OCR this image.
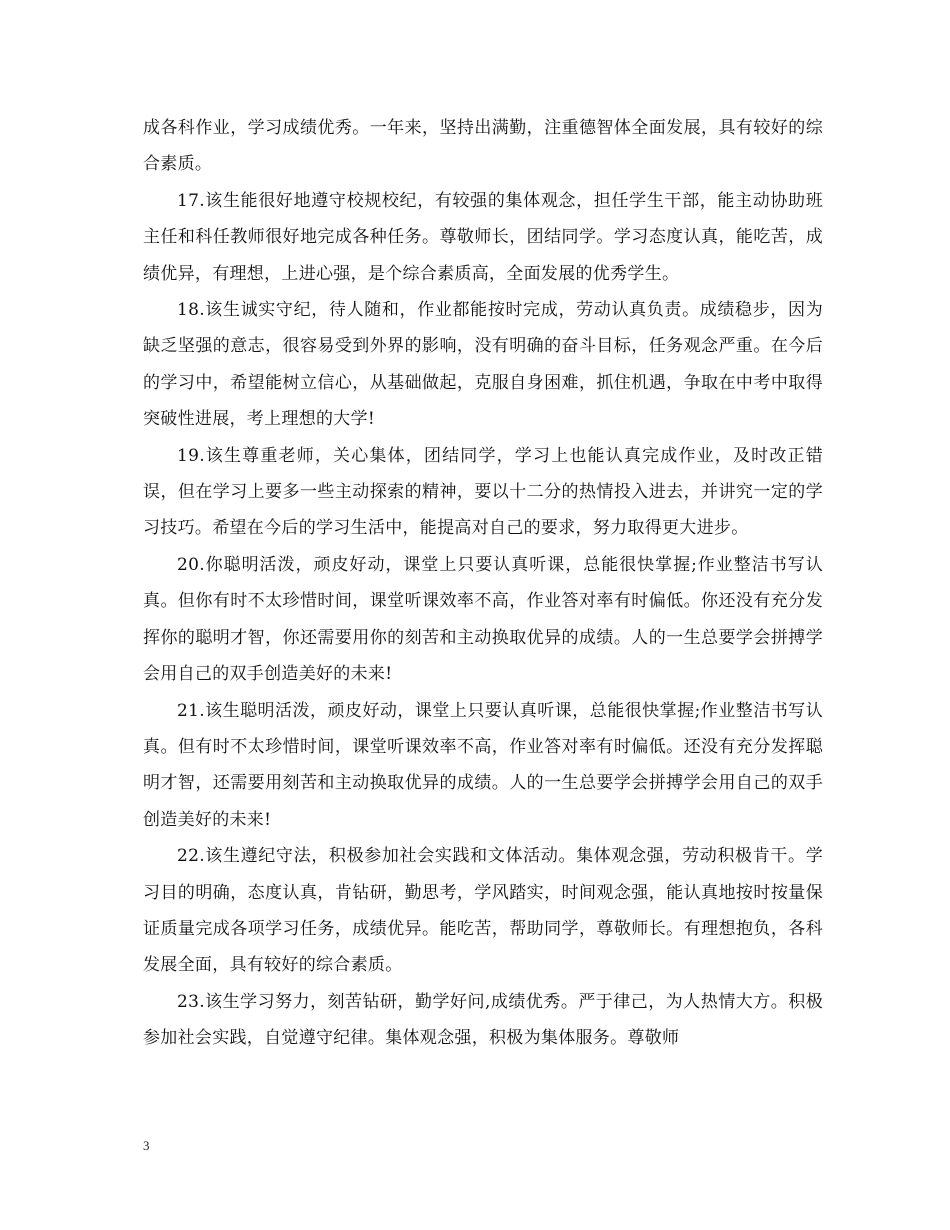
成各科作业，学习成绩优秀。一年来，坚持出满勤，注重德智体全面发展，具有较好的综合素质。

17.该生能很好地遵守校规校纪，有较强的集体观念，担任学生干部，能主动协助班主任和科任教师很好地完成各种任务。尊敬师长，团结同学。学习态度认真，能吃苦，成绩优异，有理想，上进心强，是个综合素质高，全面发展的优秀学生。

18.该生诚实守纪，待人随和，作业都能按时完成，劳动认真负责。成绩稳步，因为缺乏坚强的意志，很容易受到外界的影响，没有明确的奋斗目标，任务观念严重。在今后的学习中，希望能树立信心，从基础做起，克服自身困难，抓住机遇，争取在中考中取得突破性进展，考上理想的大学!

19.该生尊重老师，关心集体，团结同学，学习上也能认真完成作业，及时改正错误，但在学习上要多一些主动探索的精神，要以十二分的热情投入进去，并讲究一定的学习技巧。希望在今后的学习生活中，能提高对自己的要求，努力取得更大进步。

20.你聪明活泼，顽皮好动，课堂上只要认真听课，总能很快掌握;作业整洁书写认真。但你有时不太珍惜时间，课堂听课效率不高，作业答对率有时偏低。你还没有充分发挥你的聪明才智，你还需要用你的刻苦和主动换取优异的成绩。人的一生总要学会拼搏学会用自己的双手创造美好的未来!

21.该生聪明活泼，顽皮好动，课堂上只要认真听课，总能很快掌握;作业整洁书写认真。但有时不太珍惜时间，课堂听课效率不高，作业答对率有时偏低。还没有充分发挥聪明才智，还需要用刻苦和主动换取优异的成绩。人的一生总要学会拼搏学会用自己的双手创造美好的未来!

22.该生遵纪守法，积极参加社会实践和文体活动。集体观念强，劳动积极肯干。学习目的明确，态度认真，肯钻研，勤思考，学风踏实，时间观念强，能认真地按时按量保证质量完成各项学习任务，成绩优异。能吃苦，帮助同学，尊敬师长。有理想抱负，各科发展全面，具有较好的综合素质。

23.该生学习努力，刻苦钻研，勤学好问,成绩优秀。严于律己，为人热情大方。积极参加社会实践，自觉遵守纪律。集体观念强，积极为集体服务。尊敬师

3
